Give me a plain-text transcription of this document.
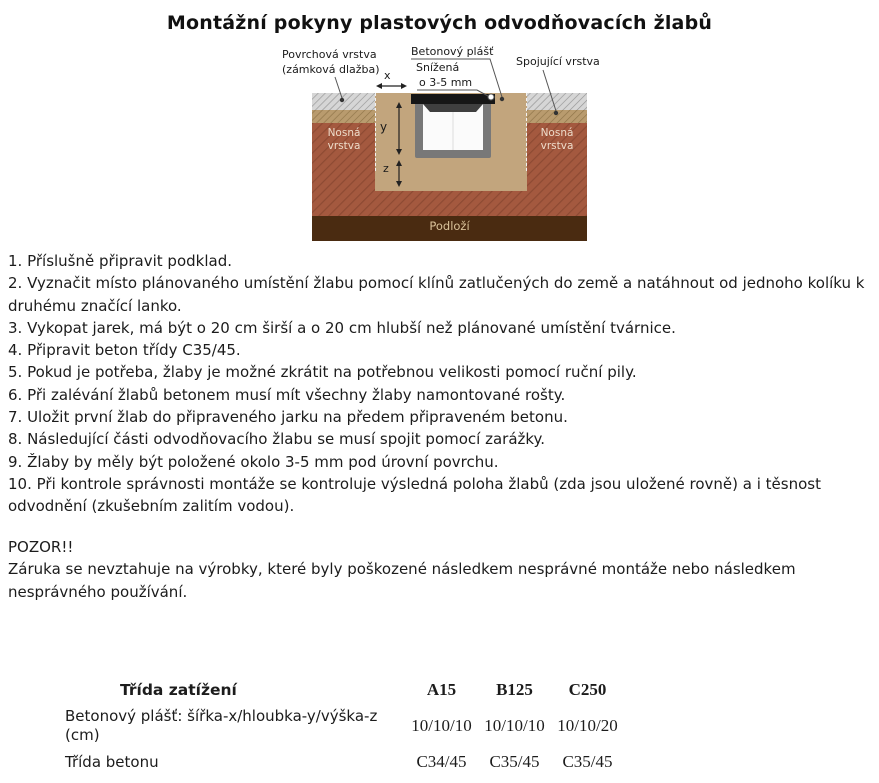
Montážní pokyny plastových odvodňovacích žlabů
Povrchová vrstva
(zámková dlažba)
Betonový plášť
Snížená
o 3-5 mm
Spojující vrstva
x
y
z
Nosná
vrstva
Nosná
vrstva
Podloží
1. Příslušně připravit podklad.
2. Vyznačit místo plánovaného umístění žlabu pomocí klínů zatlučených do země a natáhnout od jednoho kolíku k druhému značící lanko.
3. Vykopat jarek, má být o 20 cm širší a o 20 cm hlubší než plánované umístění tvárnice.
4. Připravit beton třídy C35/45.
5. Pokud je potřeba, žlaby je možné zkrátit na potřebnou velikosti pomocí ruční pily.
6. Při zalévání žlabů betonem musí mít všechny žlaby namontované rošty.
7. Uložit první žlab do připraveného jarku na předem připraveném betonu.
8. Následující části odvodňovacího žlabu se musí spojit pomocí zarážky.
9. Žlaby by měly být položené okolo 3-5 mm pod úrovní povrchu.
10. Při kontrole správnosti montáže se kontroluje výsledná poloha žlabů (zda jsou uložené rovně) a i těsnost odvodnění (zkušebním zalitím vodou).
POZOR!!
Záruka se nevztahuje na výrobky, které byly poškozené následkem nesprávné montáže nebo následkem nesprávného používání.
Třída zatížení	A15	B125	C250
Betonový plášť: šířka-x/hloubka-y/výška-z (cm)	10/10/10 10/10/10 10/10/20
Třída betonu	C34/45	C35/45	C35/45
